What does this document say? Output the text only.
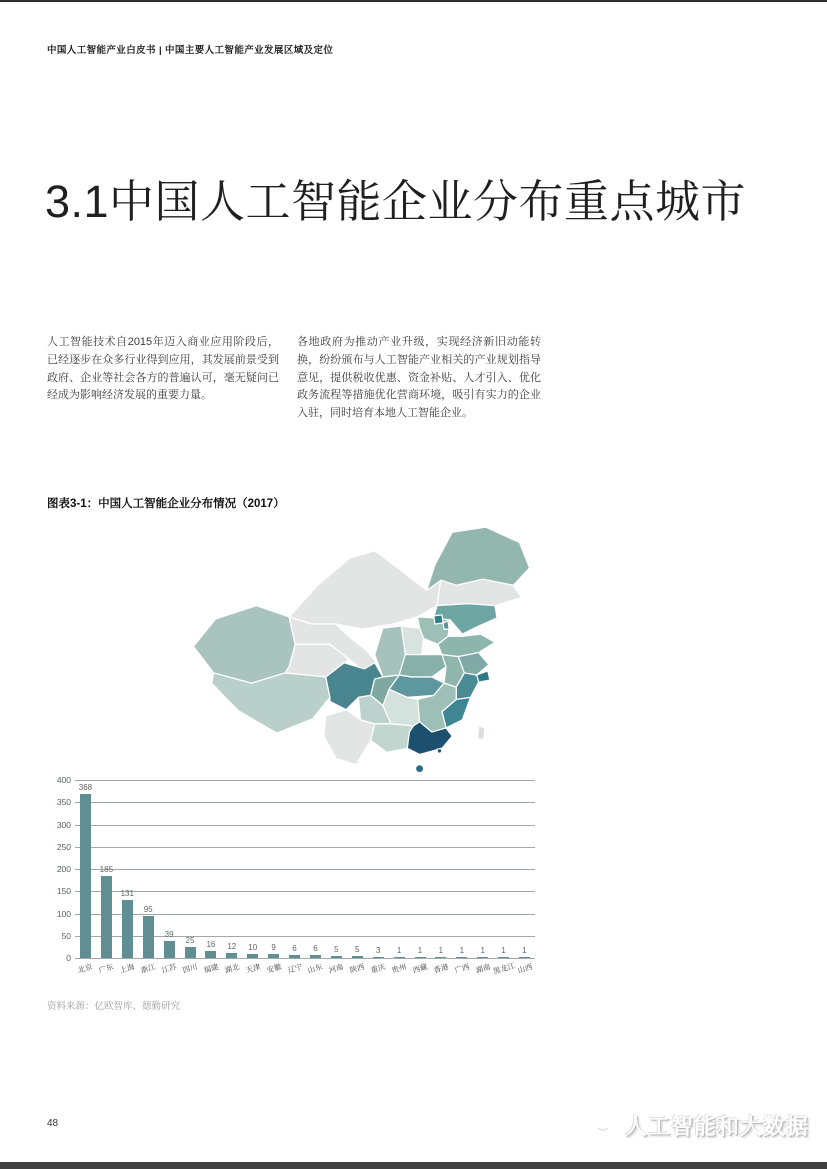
中国人工智能产业白皮书 | 中国主要人工智能产业发展区域及定位
3.1中国人工智能企业分布重点城市
人工智能技术自2015年迈入商业应用阶段后，已经逐步在众多行业得到应用，其发展前景受到政府、企业等社会各方的普遍认可，毫无疑问已经成为影响经济发展的重要力量。
各地政府为推动产业升级，实现经济新旧动能转换，纷纷颁布与人工智能产业相关的产业规划指导意见，提供税收优惠、资金补贴、人才引入、优化政务流程等措施优化营商环境，吸引有实力的企业入驻，同时培育本地人工智能企业。
图表3-1：中国人工智能企业分布情况（2017）
0
50
100
150
200
250
300
350
400
368
北京
185
广东
131
上海
95
浙江
39
江苏
25
四川
16
福建
12
湖北
10
天津
9
安徽
6
辽宁
6
山东
5
河南
5
陕西
3
重庆
1
贵州
1
西藏
1
香港
1
广西
1
湖南
1
黑龙江
1
山西
资料来源：亿欧智库、德勤研究
48	人工智能和大数据
